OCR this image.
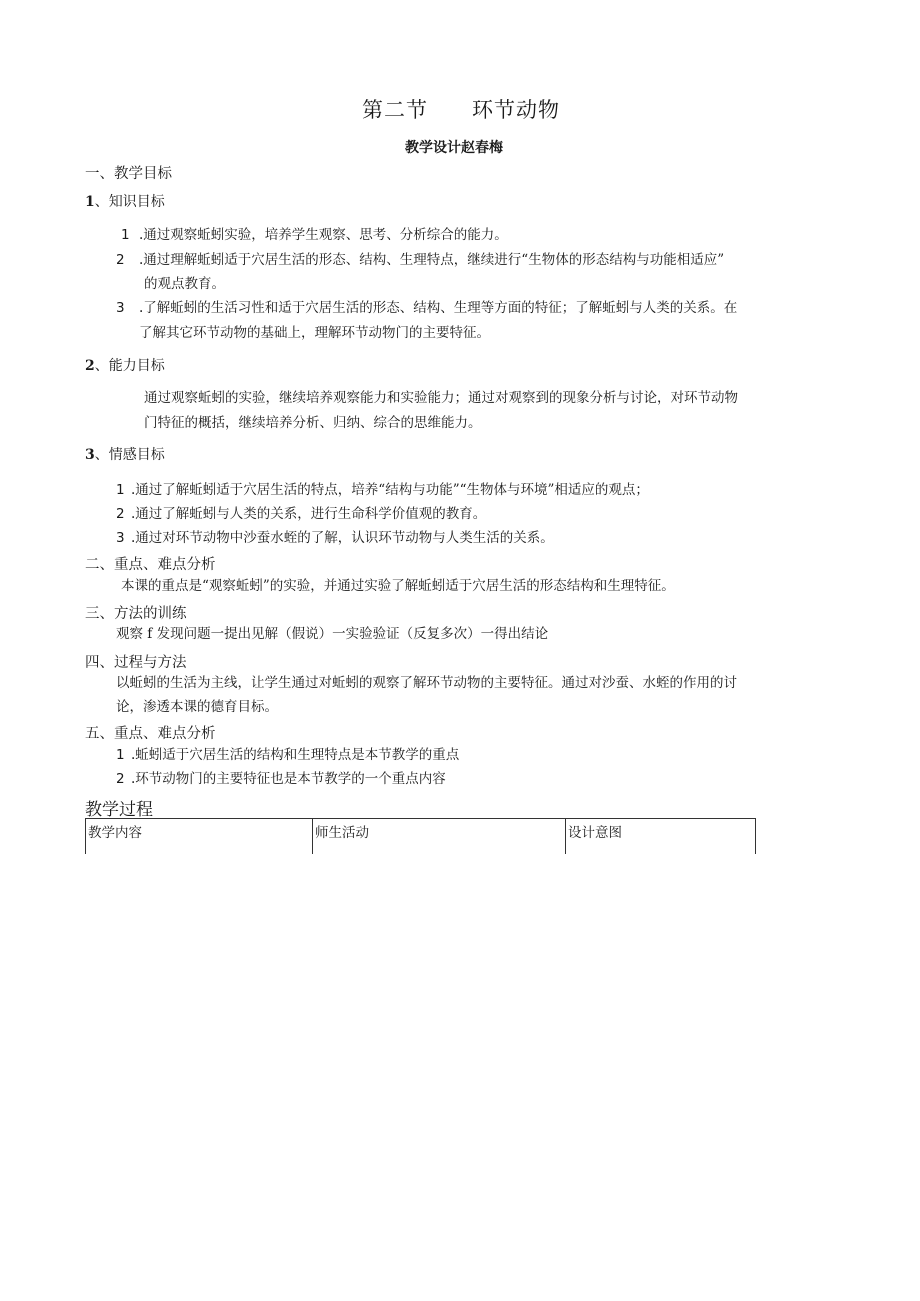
第二节　　环节动物
教学设计赵春梅
一、教学目标
1、知识目标
1 .通过观察蚯蚓实验，培养学生观察、思考、分析综合的能力。
2 .通过理解蚯蚓适于穴居生活的形态、结构、生理特点，继续进行“生物体的形态结构与功能相适应”
的观点教育。
3 .了解蚯蚓的生活习性和适于穴居生活的形态、结构、生理等方面的特征；了解蚯蚓与人类的关系。在
了解其它环节动物的基础上，理解环节动物门的主要特征。
2、能力目标
通过观察蚯蚓的实验，继续培养观察能力和实验能力；通过对观察到的现象分析与讨论，对环节动物
门特征的概括，继续培养分析、归纳、综合的思维能力。
3、情感目标
1 .通过了解蚯蚓适于穴居生活的特点，培养“结构与功能”“生物体与环境”相适应的观点；
2 .通过了解蚯蚓与人类的关系，进行生命科学价值观的教育。
3 .通过对环节动物中沙蚕水蛭的了解，认识环节动物与人类生活的关系。
二、重点、难点分析
本课的重点是“观察蚯蚓”的实验，并通过实验了解蚯蚓适于穴居生活的形态结构和生理特征。
三、方法的训练
观察 f 发现问题一提出见解（假说）一实验验证（反复多次）一得出结论
四、过程与方法
以蚯蚓的生活为主线，让学生通过对蚯蚓的观察了解环节动物的主要特征。通过对沙蚕、水蛭的作用的讨
论，渗透本课的德育目标。
五、重点、难点分析
1 .蚯蚓适于穴居生活的结构和生理特点是本节教学的重点
2 .环节动物门的主要特征也是本节教学的一个重点内容
教学过程
教学内容	师生活动	设计意图
